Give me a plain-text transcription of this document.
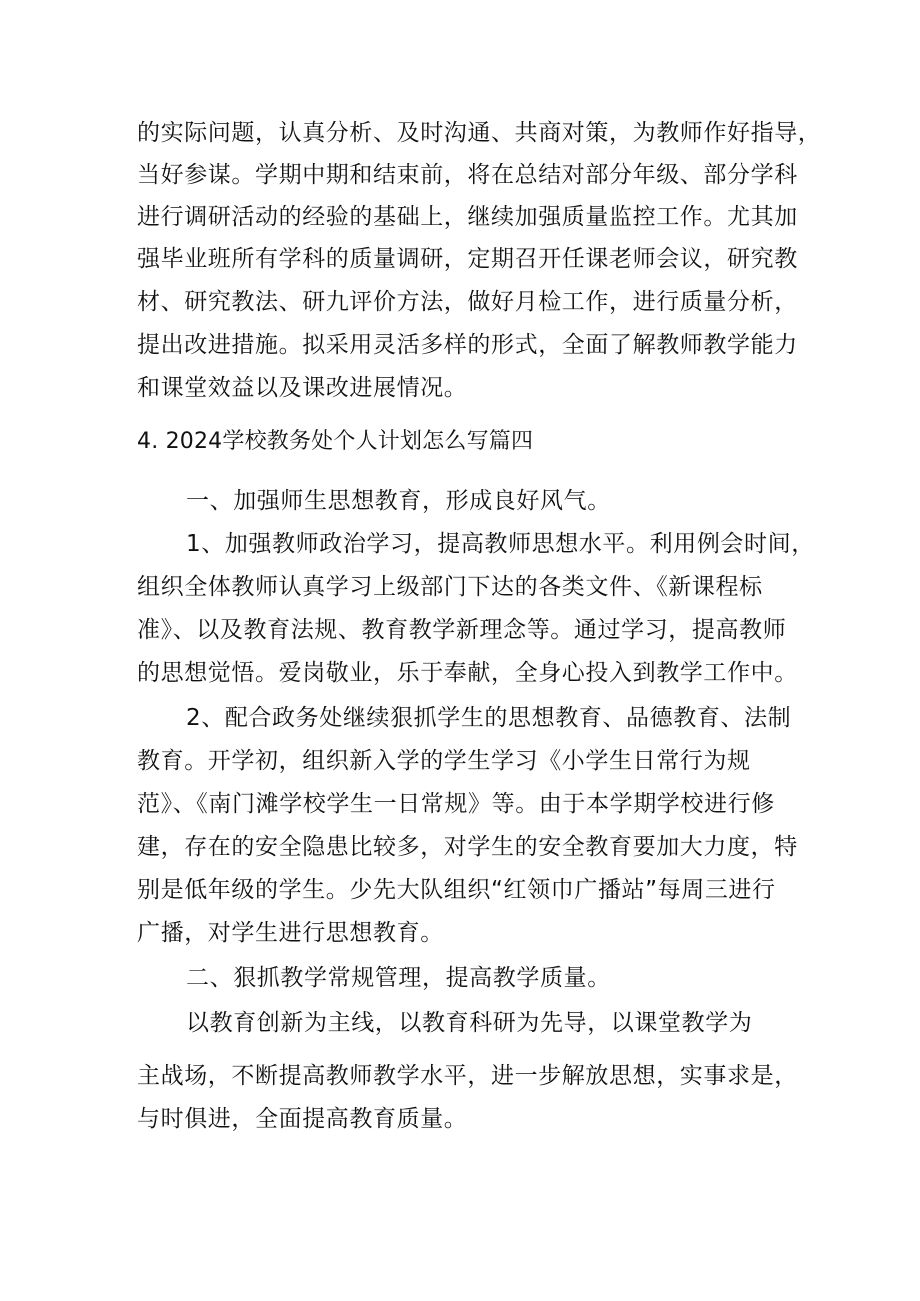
的实际问题，认真分析、及时沟通、共商对策，为教师作好指导，
当好参谋。学期中期和结束前，将在总结对部分年级、部分学科
进行调研活动的经验的基础上，继续加强质量监控工作。尤其加
强毕业班所有学科的质量调研，定期召开任课老师会议，研究教
材、研究教法、研九评价方法，做好月检工作，进行质量分析，
提出改进措施。拟采用灵活多样的形式，全面了解教师教学能力
和课堂效益以及课改进展情况。
4. 2024学校教务处个人计划怎么写篇四
一、加强师生思想教育，形成良好风气。
1、加强教师政治学习，提高教师思想水平。利用例会时间，
组织全体教师认真学习上级部门下达的各类文件、《新课程标
准》、以及教育法规、教育教学新理念等。通过学习，提高教师
的思想觉悟。爱岗敬业，乐于奉献，全身心投入到教学工作中。
2、配合政务处继续狠抓学生的思想教育、品德教育、法制
教育。开学初，组织新入学的学生学习《小学生日常行为规
范》、《南门滩学校学生一日常规》等。由于本学期学校进行修
建，存在的安全隐患比较多，对学生的安全教育要加大力度，特
别是低年级的学生。少先大队组织“红领巾广播站”每周三进行
广播，对学生进行思想教育。
二、狠抓教学常规管理，提高教学质量。
以教育创新为主线，以教育科研为先导，以课堂教学为
主战场，不断提高教师教学水平，进一步解放思想，实事求是，
与时俱进，全面提高教育质量。
